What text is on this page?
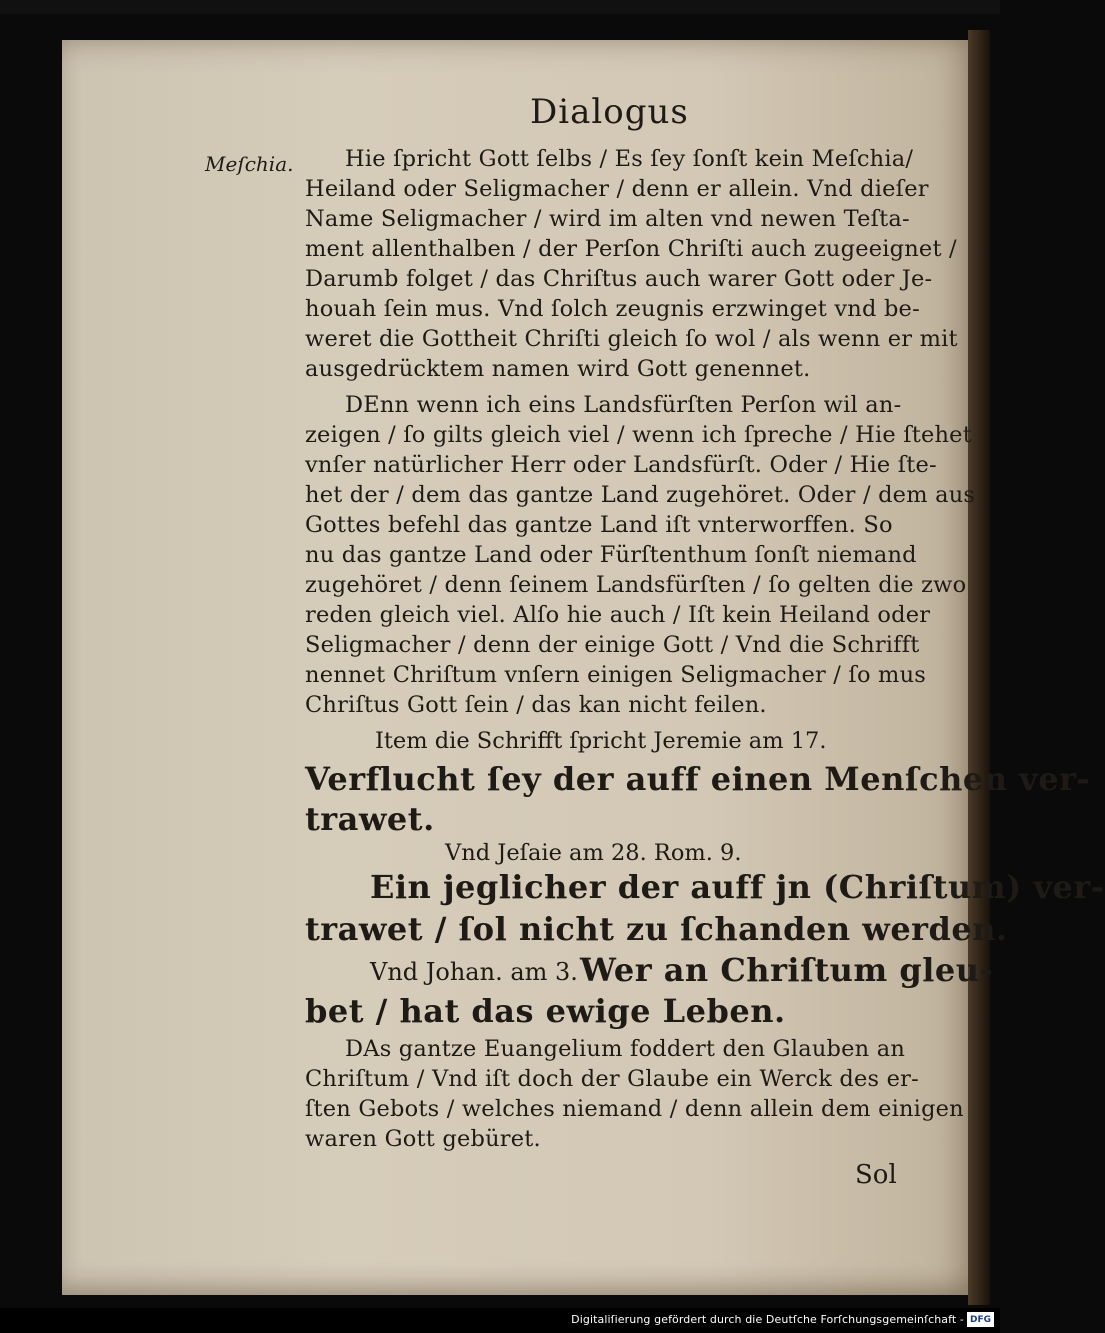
Dialogus
Meſchia. Hie ſpricht Gott ſelbs / Es ſey ſonſt kein Meſchia/
Heiland oder Seligmacher / denn er allein. Vnd dieſer
Name Seligmacher / wird im alten vnd newen Teſta-
ment allenthalben / der Perſon Chriſti auch zugeeignet /
Darumb folget / das Chriſtus auch warer Gott oder Je-
houah ſein mus. Vnd ſolch zeugnis erzwinget vnd be-
weret die Gottheit Chriſti gleich ſo wol / als wenn er mit
ausgedrücktem namen wird Gott genennet.
DEnn wenn ich eins Landsfürſten Perſon wil an-
zeigen / ſo gilts gleich viel / wenn ich ſpreche / Hie ſtehet
vnſer natürlicher Herr oder Landsfürſt. Oder / Hie ſte-
het der / dem das gantze Land zugehöret. Oder / dem aus
Gottes befehl das gantze Land iſt vnterworffen. So
nu das gantze Land oder Fürſtenthum ſonſt niemand
zugehöret / denn ſeinem Landsfürſten / ſo gelten die zwo
reden gleich viel. Alſo hie auch / Iſt kein Heiland oder
Seligmacher / denn der einige Gott / Vnd die Schrifft
nennet Chriſtum vnſern einigen Seligmacher / ſo mus
Chriſtus Gott ſein / das kan nicht feilen.
Item die Schrifft ſpricht Jeremie am 17.
Verflucht ſey der auff einen Menſchen ver-
trawet.
Vnd Jeſaie am 28. Rom. 9.
Ein jeglicher der auff jn (Chriſtum) ver-
trawet / ſol nicht zu ſchanden werden.
Vnd Johan. am 3. Wer an Chriſtum gleu-
bet / hat das ewige Leben.
DAs gantze Euangelium foddert den Glauben an
Chriſtum / Vnd iſt doch der Glaube ein Werck des er-
ſten Gebots / welches niemand / denn allein dem einigen
waren Gott gebüret.
Sol
Digitaliſierung gefördert durch die Deutſche Forſchungsgemeinſchaft - DFG
